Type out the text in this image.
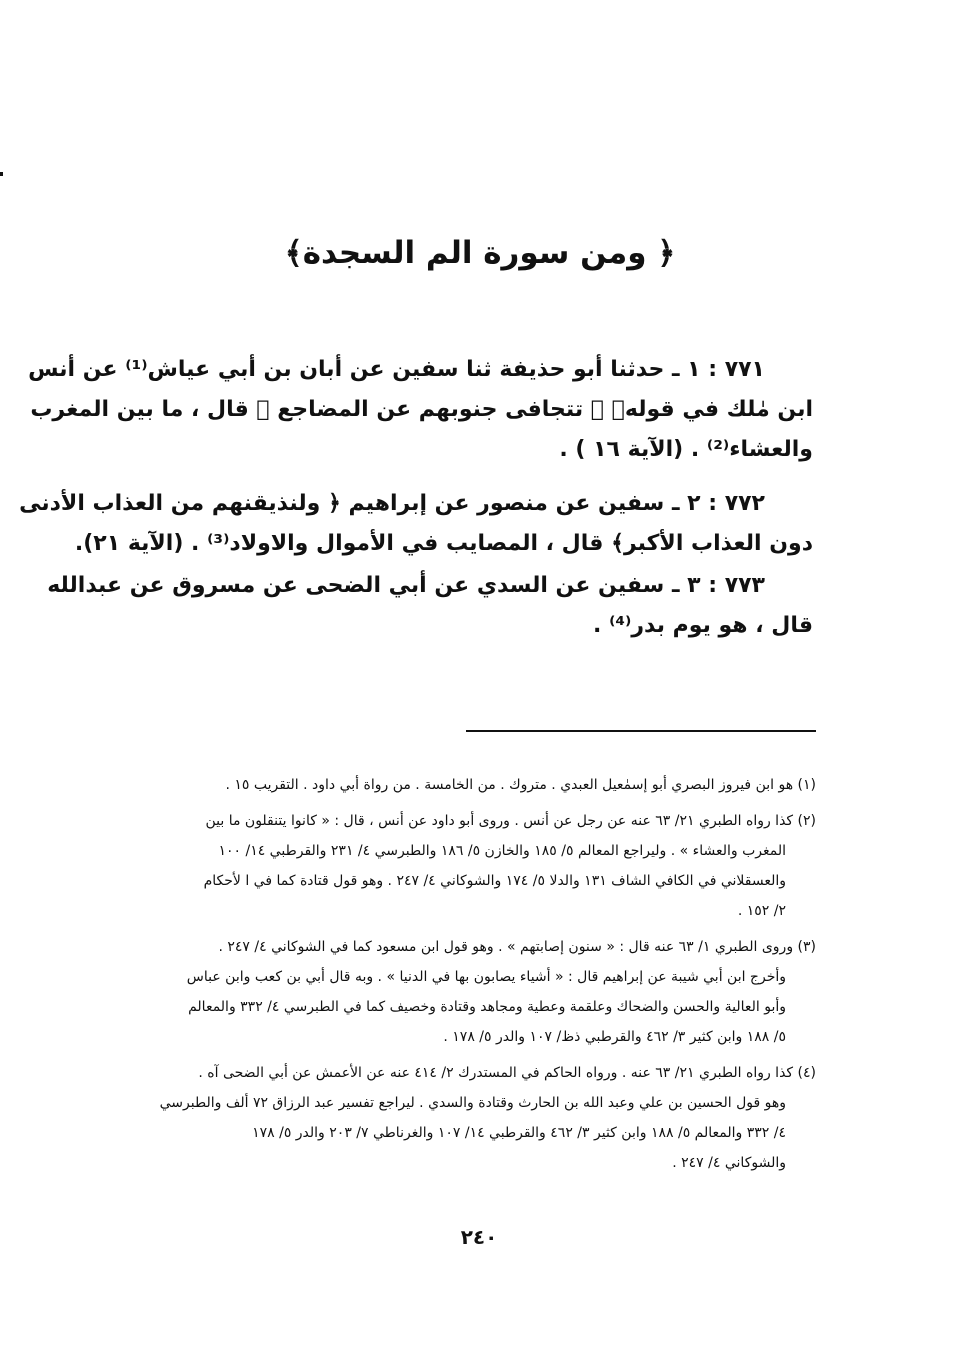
﴿ ومن سورة الم السجدة﴾
٧٧١ : ١ ـ حدثنا أبو حذيفة ثنا سفين عن أبان بن أبي عياش⁽¹⁾ عن أنس
ابن مٰلك في قولهٖ ﴿ تتجافى جنوبهم عن المضاجع ﴾ قال ، ما بين المغرب
والعشاء⁽²⁾ . (الآية ١٦ ) .
٧٧٢ : ٢ ـ سفين عن منصور عن إبراهيم ﴿ ولنذيقنهم من العذاب الأدنى
دون العذاب الأكبر﴾ قال ، المصايب في الأموال والاولاد⁽³⁾ . (الآية ٢١).
٧٧٣ : ٣ ـ سفين عن السدي عن أبي الضحى عن مسروق عن عبدالله
قال ، هو يوم بدر⁽⁴⁾ .
(١) هو ابن فيروز البصري أبو إسمٰعيل العبدي . متروك . من الخامسة . من رواة أبي داود . التقريب ١٥ .
(٢) كذا رواه الطبري ٢١/ ٦٣ عنه عن رجل عن أنس . وروى أبو داود عن أنس ، قال : « كانوا يتنقلون ما بين
المغرب والعشاء » . وليراجع المعالم ٥/ ١٨٥ والخازن ٥/ ١٨٦ والطبرسي ٤/ ٢٣١ والقرطبي ١٤/ ١٠٠
والعسقلاني في الكافي الشاف ١٣١ والدلا ٥/ ١٧٤ والشوكاني ٤/ ٢٤٧ . وهو قول قتادة كما في ا لأحكام
٢/ ١٥٢ .
(٣) وروى الطبري ١/ ٦٣ عنه قال : « سنون إصابتهم » . وهو قول ابن مسعود كما في الشوكاني ٤/ ٢٤٧ .
وأخرج ابن أبي شيبة عن إبراهيم قال : « أشياء يصابون بها في الدنيا » . وبه قال أبي بن كعب وابن عباس
وأبو العالية والحسن والضحاك وعلقمة وعطية ومجاهد وقتادة وخصيف كما في الطبرسي ٤/ ٣٣٢ والمعالم
٥/ ١٨٨ وابن كثير ٣/ ٤٦٢ والقرطبي ذظ/ ١٠٧ والدر ٥/ ١٧٨ .
(٤) كذا رواه الطبري ٢١/ ٦٣ عنه . ورواه الحاكم في المستدرك ٢/ ٤١٤ عنه عن الأعمش عن أبي الضحى آه .
وهو قول الحسين بن علي وعبد الله بن الحارث وقتادة والسدي . ليراجع تفسير عبد الرزاق ٧٢ ألف والطبرسي
٤/ ٣٣٢ والمعالم ٥/ ١٨٨ وابن كثير ٣/ ٤٦٢ والقرطبي ١٤/ ١٠٧ والغرناطي ٧/ ٢٠٣ والدر ٥/ ١٧٨
والشوكاني ٤/ ٢٤٧ .
٢٤٠
